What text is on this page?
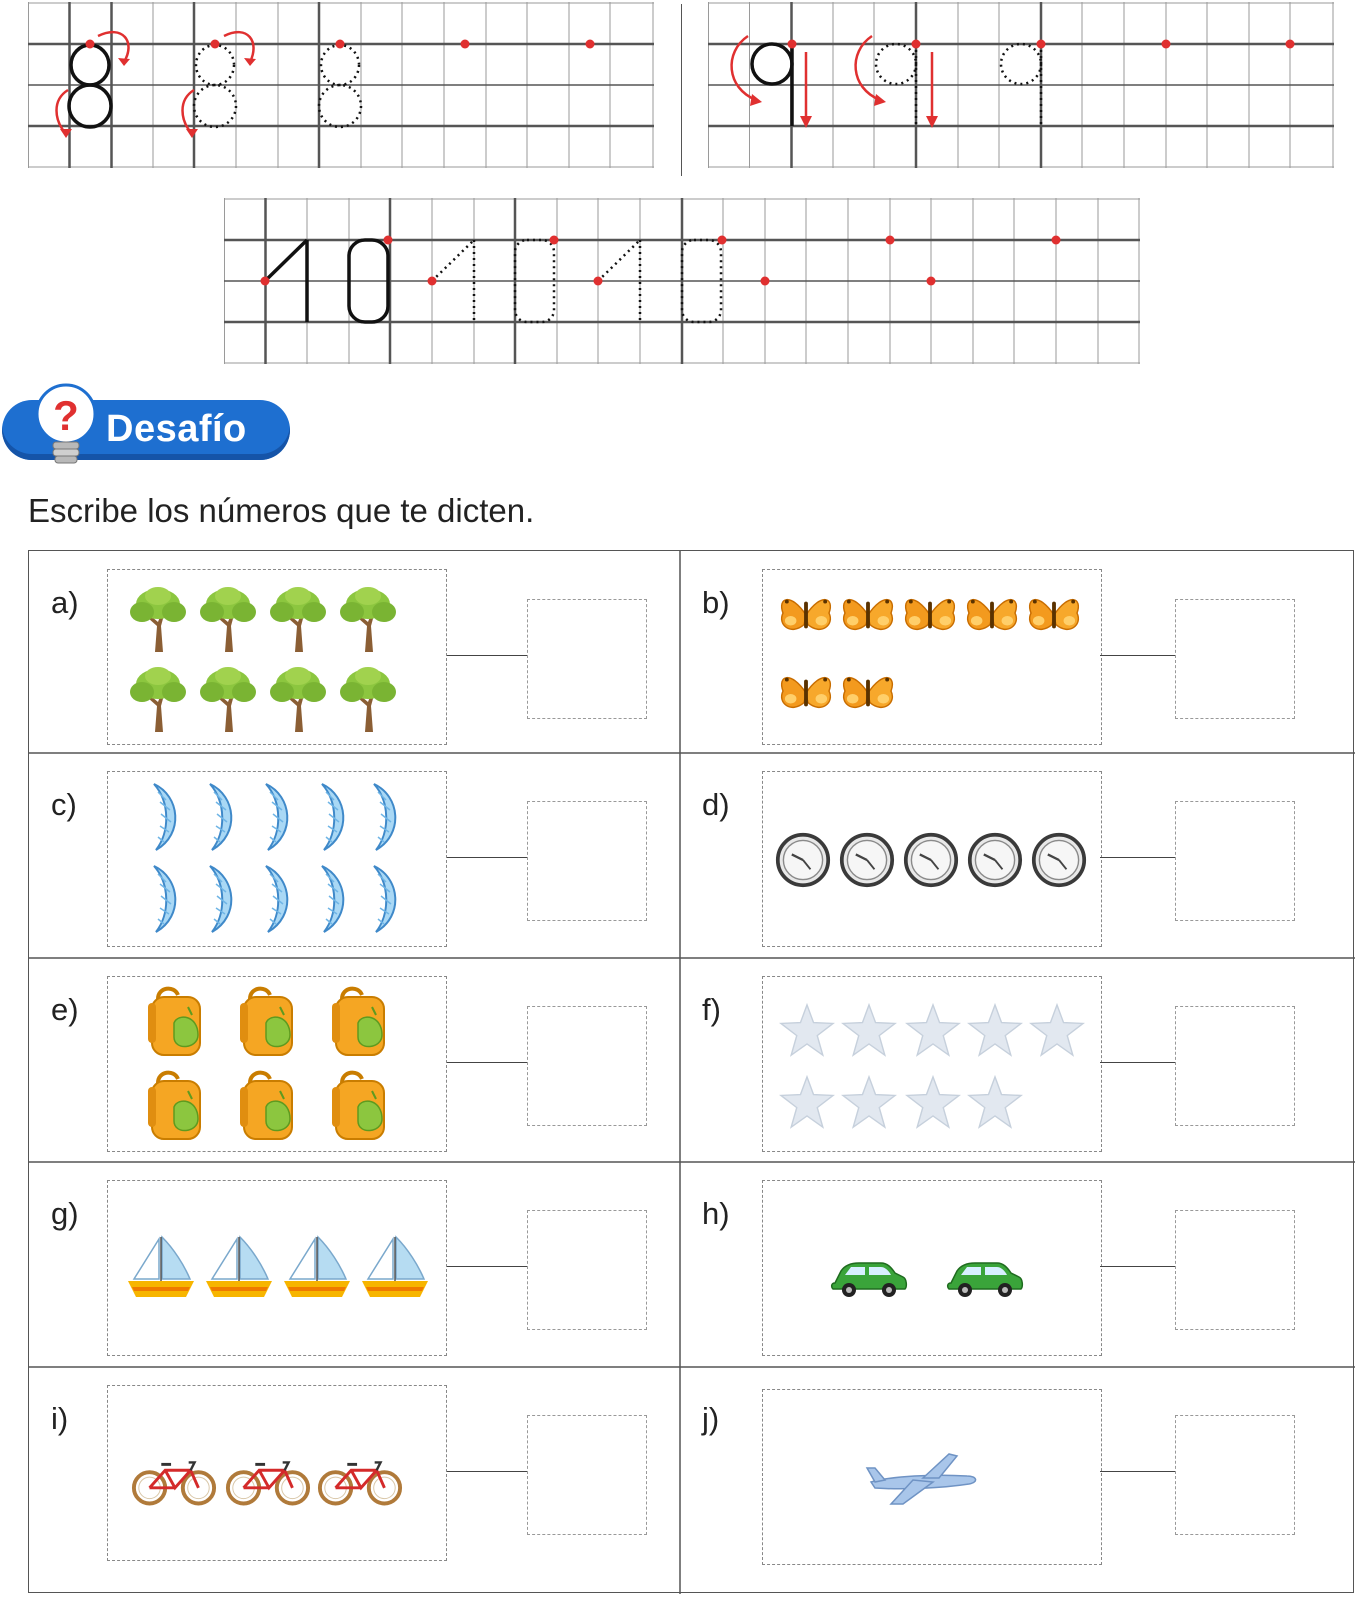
? Desafío
Escribe los números que te dicten.
a)	b)
c)	d)
e)	f)
g)	h)
i)	j)
